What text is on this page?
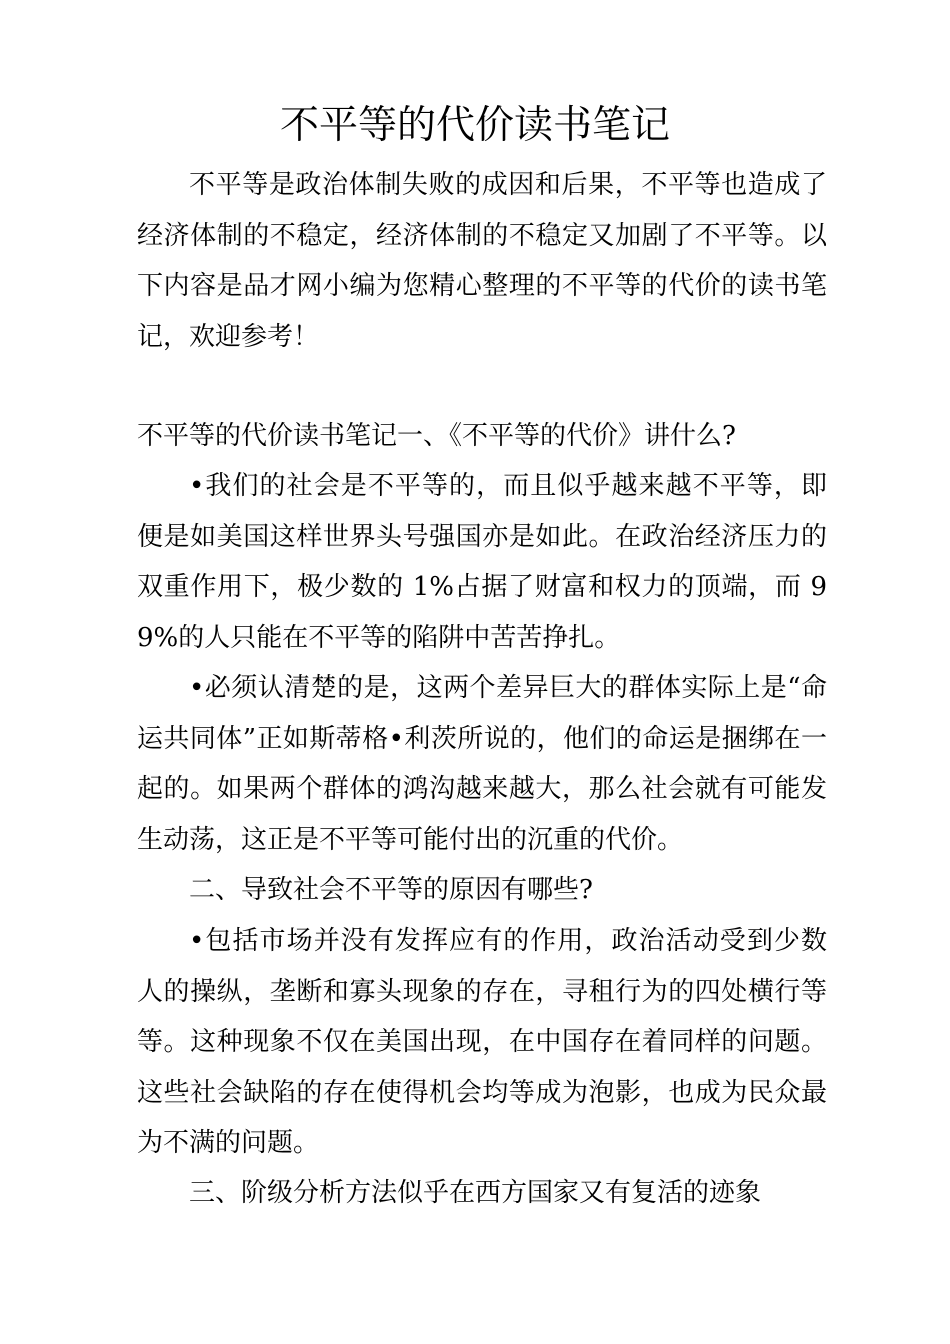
不平等的代价读书笔记

不平等是政治体制失败的成因和后果，不平等也造成了经济体制的不稳定，经济体制的不稳定又加剧了不平等。以下内容是品才网小编为您精心整理的不平等的代价的读书笔记，欢迎参考！

不平等的代价读书笔记一、《不平等的代价》讲什么?

•我们的社会是不平等的，而且似乎越来越不平等，即便是如美国这样世界头号强国亦是如此。在政治经济压力的双重作用下，极少数的 1%占据了财富和权力的顶端，而 99%的人只能在不平等的陷阱中苦苦挣扎。

•必须认清楚的是，这两个差异巨大的群体实际上是“命运共同体”正如斯蒂格•利茨所说的，他们的命运是捆绑在一起的。如果两个群体的鸿沟越来越大，那么社会就有可能发生动荡，这正是不平等可能付出的沉重的代价。

二、导致社会不平等的原因有哪些?

•包括市场并没有发挥应有的作用，政治活动受到少数人的操纵，垄断和寡头现象的存在，寻租行为的四处横行等等。这种现象不仅在美国出现，在中国存在着同样的问题。这些社会缺陷的存在使得机会均等成为泡影，也成为民众最为不满的问题。

三、阶级分析方法似乎在西方国家又有复活的迹象
